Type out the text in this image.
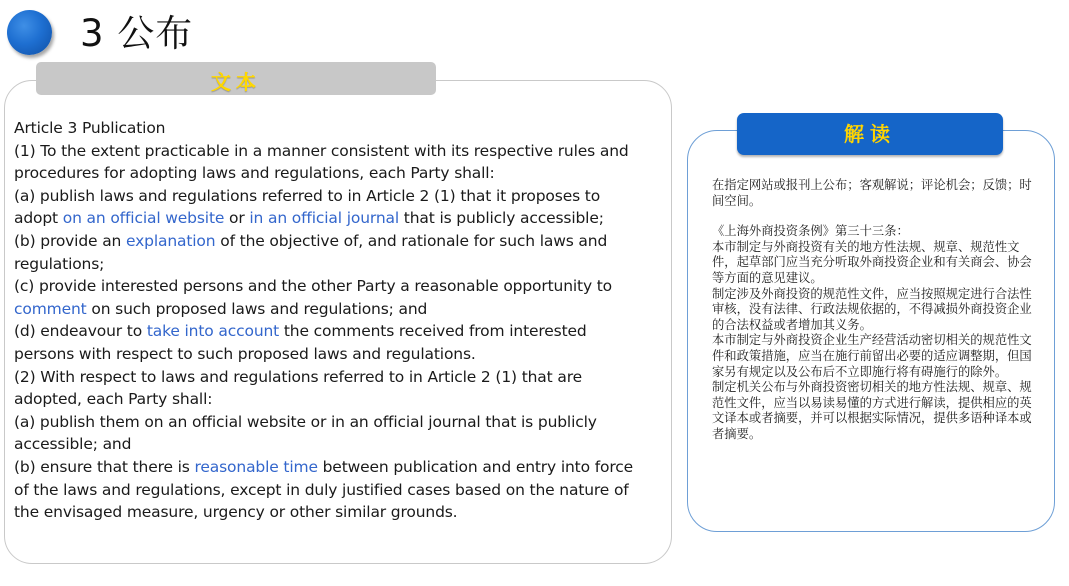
3 公布
文本

Article 3 Publication

(1) To the extent practicable in a manner consistent with its respective rules and procedures for adopting laws and regulations, each Party shall:

(a) publish laws and regulations referred to in Article 2 (1) that it proposes to adopt on an official website or in an official journal that is publicly accessible;

(b) provide an explanation of the objective of, and rationale for such laws and regulations;

(c) provide interested persons and the other Party a reasonable opportunity to comment on such proposed laws and regulations; and

(d) endeavour to take into account the comments received from interested persons with respect to such proposed laws and regulations.

(2) With respect to laws and regulations referred to in Article 2 (1) that are adopted, each Party shall:

(a) publish them on an official website or in an official journal that is publicly accessible; and

(b) ensure that there is reasonable time between publication and entry into force of the laws and regulations, except in duly justified cases based on the nature of the envisaged measure, urgency or other similar grounds.

解读

在指定网站或报刊上公布；客观解说；评论机会；反馈；时间空间。

《上海外商投资条例》第三十三条：

本市制定与外商投资有关的地方性法规、规章、规范性文件，起草部门应当充分听取外商投资企业和有关商会、协会等方面的意见建议。

制定涉及外商投资的规范性文件，应当按照规定进行合法性审核，没有法律、行政法规依据的，不得减损外商投资企业的合法权益或者增加其义务。

本市制定与外商投资企业生产经营活动密切相关的规范性文件和政策措施，应当在施行前留出必要的适应调整期，但国家另有规定以及公布后不立即施行将有碍施行的除外。

制定机关公布与外商投资密切相关的地方性法规、规章、规范性文件，应当以易读易懂的方式进行解读，提供相应的英文译本或者摘要，并可以根据实际情况，提供多语种译本或者摘要。
